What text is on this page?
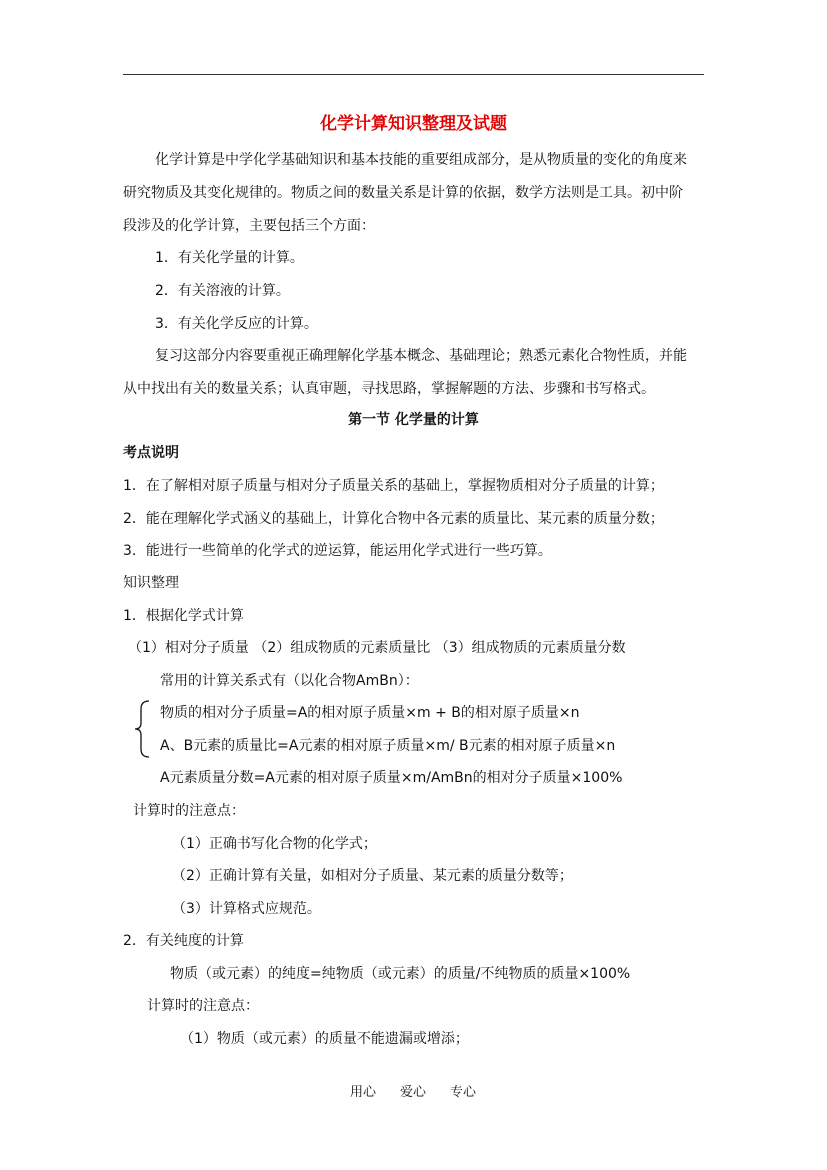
化学计算知识整理及试题
化学计算是中学化学基础知识和基本技能的重要组成部分，是从物质量的变化的角度来
研究物质及其变化规律的。物质之间的数量关系是计算的依据，数学方法则是工具。初中阶
段涉及的化学计算，主要包括三个方面：
1．有关化学量的计算。
2．有关溶液的计算。
3．有关化学反应的计算。
复习这部分内容要重视正确理解化学基本概念、基础理论；熟悉元素化合物性质，并能
从中找出有关的数量关系；认真审题，寻找思路，掌握解题的方法、步骤和书写格式。
第一节 化学量的计算
考点说明
1．在了解相对原子质量与相对分子质量关系的基础上，掌握物质相对分子质量的计算；
2．能在理解化学式涵义的基础上，计算化合物中各元素的质量比、某元素的质量分数；
3．能进行一些简单的化学式的逆运算，能运用化学式进行一些巧算。
知识整理
1．根据化学式计算
（1）相对分子质量 （2）组成物质的元素质量比 （3）组成物质的元素质量分数
常用的计算关系式有（以化合物AmBn）：
物质的相对分子质量=A的相对原子质量×m + B的相对原子质量×n
A、B元素的质量比=A元素的相对原子质量×m/ B元素的相对原子质量×n
A元素质量分数=A元素的相对原子质量×m/AmBn的相对分子质量×100%
计算时的注意点：
（1）正确书写化合物的化学式；
（2）正确计算有关量，如相对分子质量、某元素的质量分数等；
（3）计算格式应规范。
2．有关纯度的计算
物质（或元素）的纯度=纯物质（或元素）的质量/不纯物质的质量×100%
计算时的注意点：
（1）物质（或元素）的质量不能遗漏或增添；
用心 爱心 专心
